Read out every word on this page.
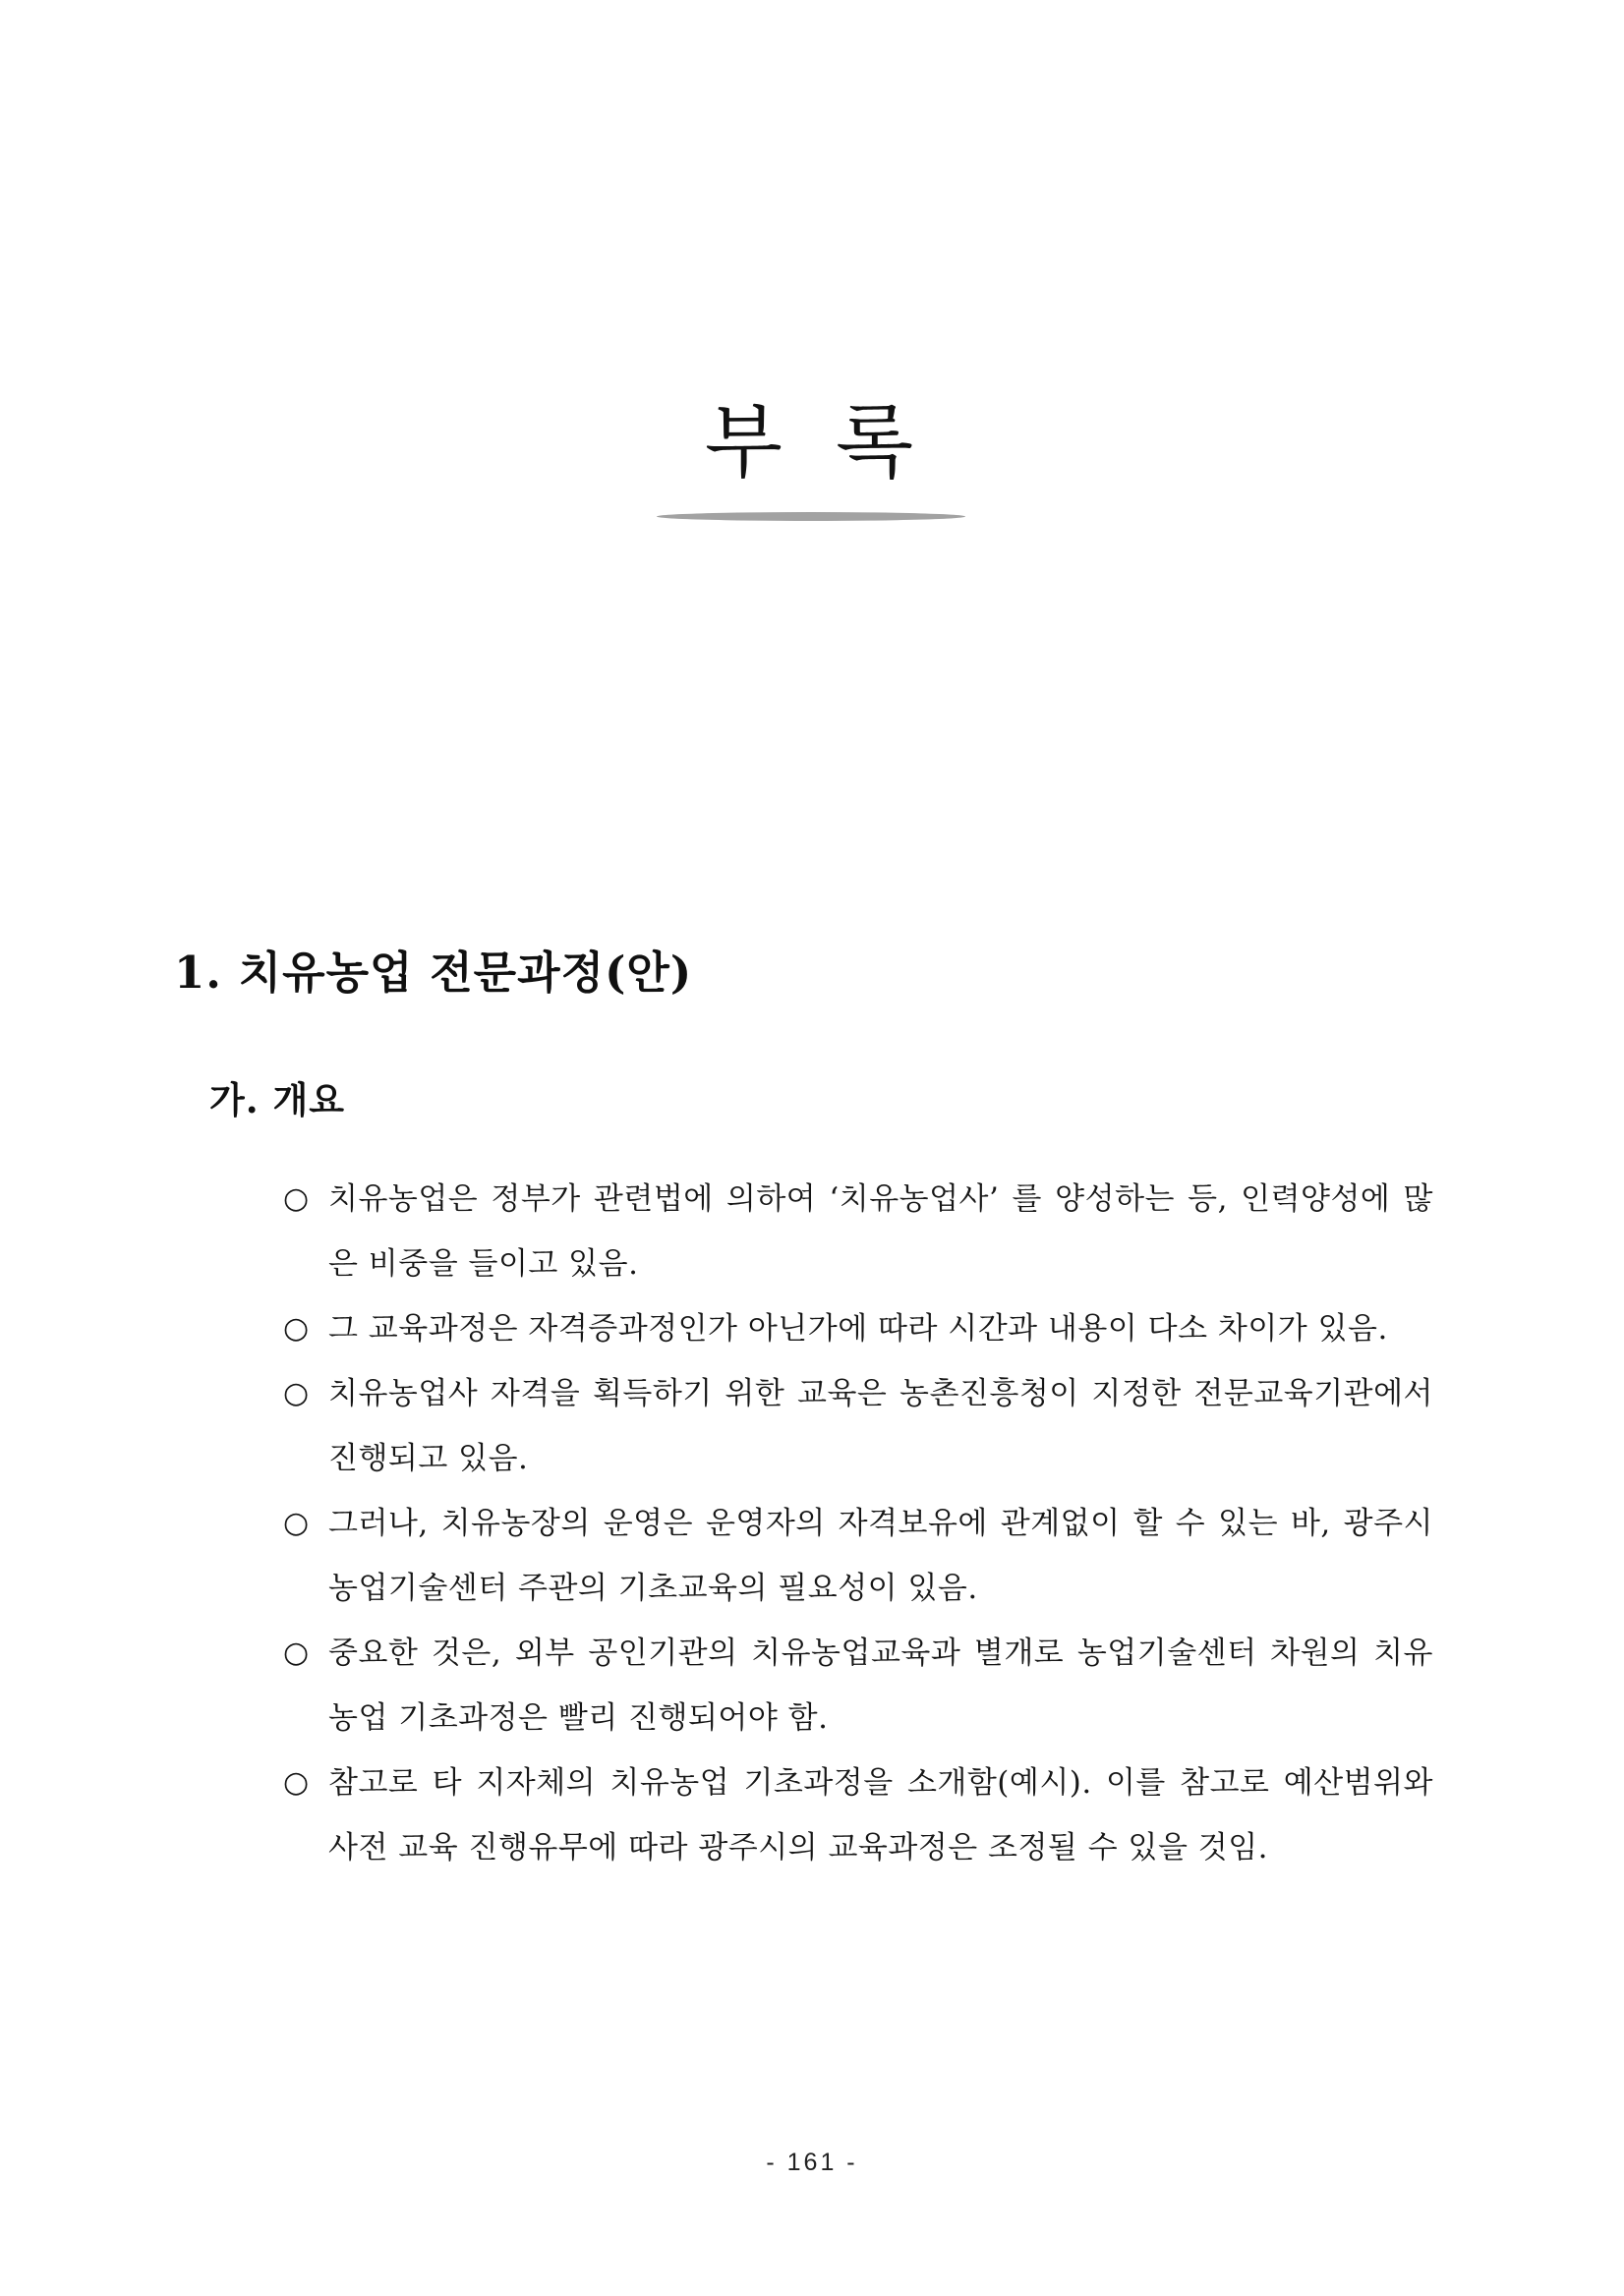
부 록
1. 치유농업 전문과정(안)
가. 개요
○ 치유농업은 정부가 관련법에 의하여 ‘치유농업사’ 를 양성하는 등, 인력양성에 많은 비중을 들이고 있음.
○ 그 교육과정은 자격증과정인가 아닌가에 따라 시간과 내용이 다소 차이가 있음.
○ 치유농업사 자격을 획득하기 위한 교육은 농촌진흥청이 지정한 전문교육기관에서 진행되고 있음.
○ 그러나, 치유농장의 운영은 운영자의 자격보유에 관계없이 할 수 있는 바, 광주시 농업기술센터 주관의 기초교육의 필요성이 있음.
○ 중요한 것은, 외부 공인기관의 치유농업교육과 별개로 농업기술센터 차원의 치유농업 기초과정은 빨리 진행되어야 함.
○ 참고로 타 지자체의 치유농업 기초과정을 소개함(예시). 이를 참고로 예산범위와 사전 교육 진행유무에 따라 광주시의 교육과정은 조정될 수 있을 것임.
- 161 -
